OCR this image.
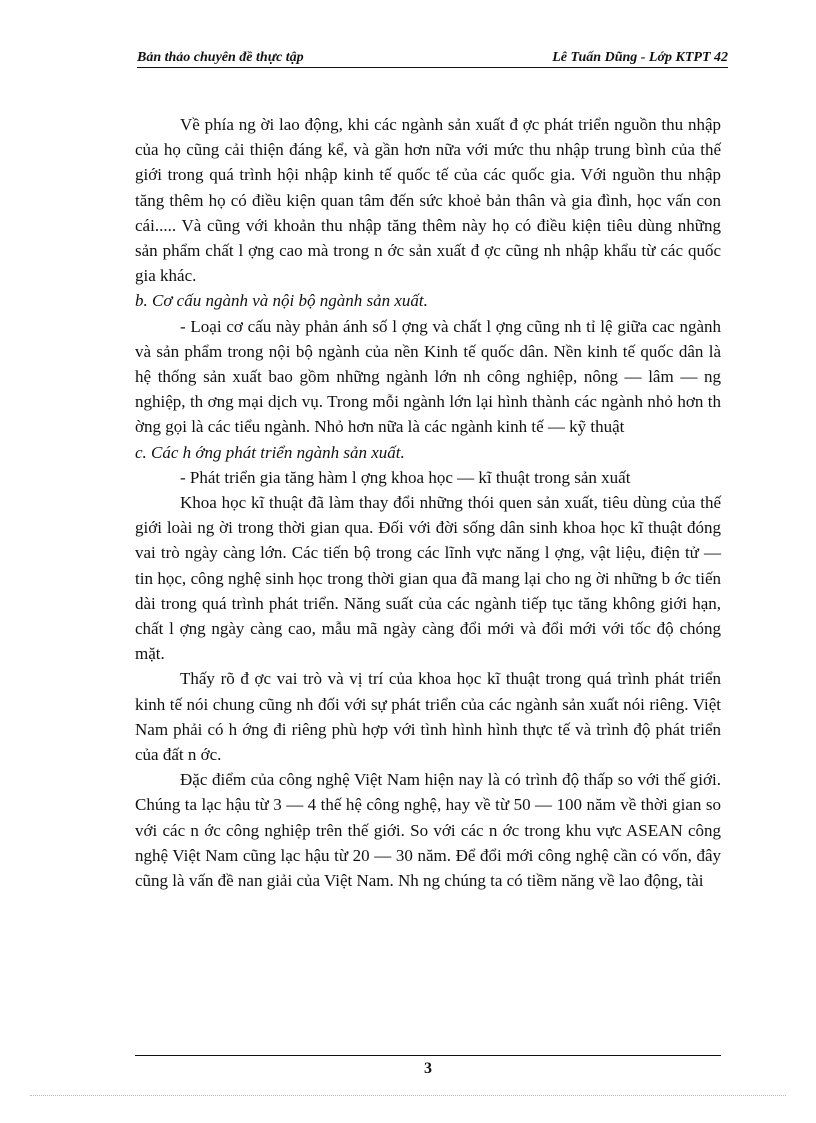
Bản thảo chuyên đề thực tập	Lê Tuấn Dũng - Lớp KTPT 42

Về phía ng ời lao động, khi các ngành sản xuất đ ợc phát triển nguồn thu nhập của họ cũng cải thiện đáng kể, và gần hơn nữa với mức thu nhập trung bình của thế giới trong quá trình hội nhập kinh tế quốc tế của các quốc gia. Với nguồn thu nhập tăng thêm họ có điều kiện quan tâm đến sức khoẻ bản thân và gia đình, học vấn con cái..... Và cũng với khoản thu nhập tăng thêm này họ có điều kiện tiêu dùng những sản phẩm chất l ợng cao mà trong n ớc sản xuất đ ợc cũng nh nhập khẩu từ các quốc gia khác.

b. Cơ cấu ngành và nội bộ ngành sản xuất.

- Loại cơ cấu này phản ánh số l ợng và chất l ợng cũng nh tỉ lệ giữa cac ngành và sản phẩm trong nội bộ ngành của nền Kinh tế quốc dân. Nền kinh tế quốc dân là hệ thống sản xuất bao gồm những ngành lớn nh công nghiệp, nông — lâm — ng nghiệp, th ơng mại dịch vụ. Trong mỗi ngành lớn lại hình thành các ngành nhỏ hơn th ờng gọi là các tiểu ngành. Nhỏ hơn nữa là các ngành kinh tế — kỹ thuật

c. Các h ớng phát triển ngành sản xuất.

- Phát triển gia tăng hàm l ợng khoa học — kĩ thuật trong sản xuất

Khoa học kĩ thuật đã làm thay đổi những thói quen sản xuất, tiêu dùng của thế giới loài ng ời trong thời gian qua. Đối với đời sống dân sinh khoa học kĩ thuật đóng vai trò ngày càng lớn. Các tiến bộ trong các lĩnh vực năng l ợng, vật liệu, điện tử — tin học, công nghệ sinh học trong thời gian qua đã mang lại cho ng ời những b ớc tiến dài trong quá trình phát triển. Năng suất của các ngành tiếp tục tăng không giới hạn, chất l ợng ngày càng cao, mẫu mã ngày càng đổi mới và đổi mới với tốc độ chóng mặt.

Thấy rõ đ ợc vai trò và vị trí của khoa học kĩ thuật trong quá trình phát triển kinh tế nói chung cũng nh đối với sự phát triển của các ngành sản xuất nói riêng. Việt Nam phải có h ớng đi riêng phù hợp với tình hình hình thực tế và trình độ phát triển của đất n ớc.

Đặc điểm của công nghệ Việt Nam hiện nay là có trình độ thấp so với thế giới. Chúng ta lạc hậu từ 3 — 4 thế hệ công nghệ, hay về từ 50 — 100 năm về thời gian so với các n ớc công nghiệp trên thế giới. So với các n ớc trong khu vực ASEAN công nghệ Việt Nam cũng lạc hậu từ 20 — 30 năm. Để đổi mới công nghệ cần có vốn, đây cũng là vấn đề nan giải của Việt Nam. Nh ng chúng ta có tiềm năng về lao động, tài

3
